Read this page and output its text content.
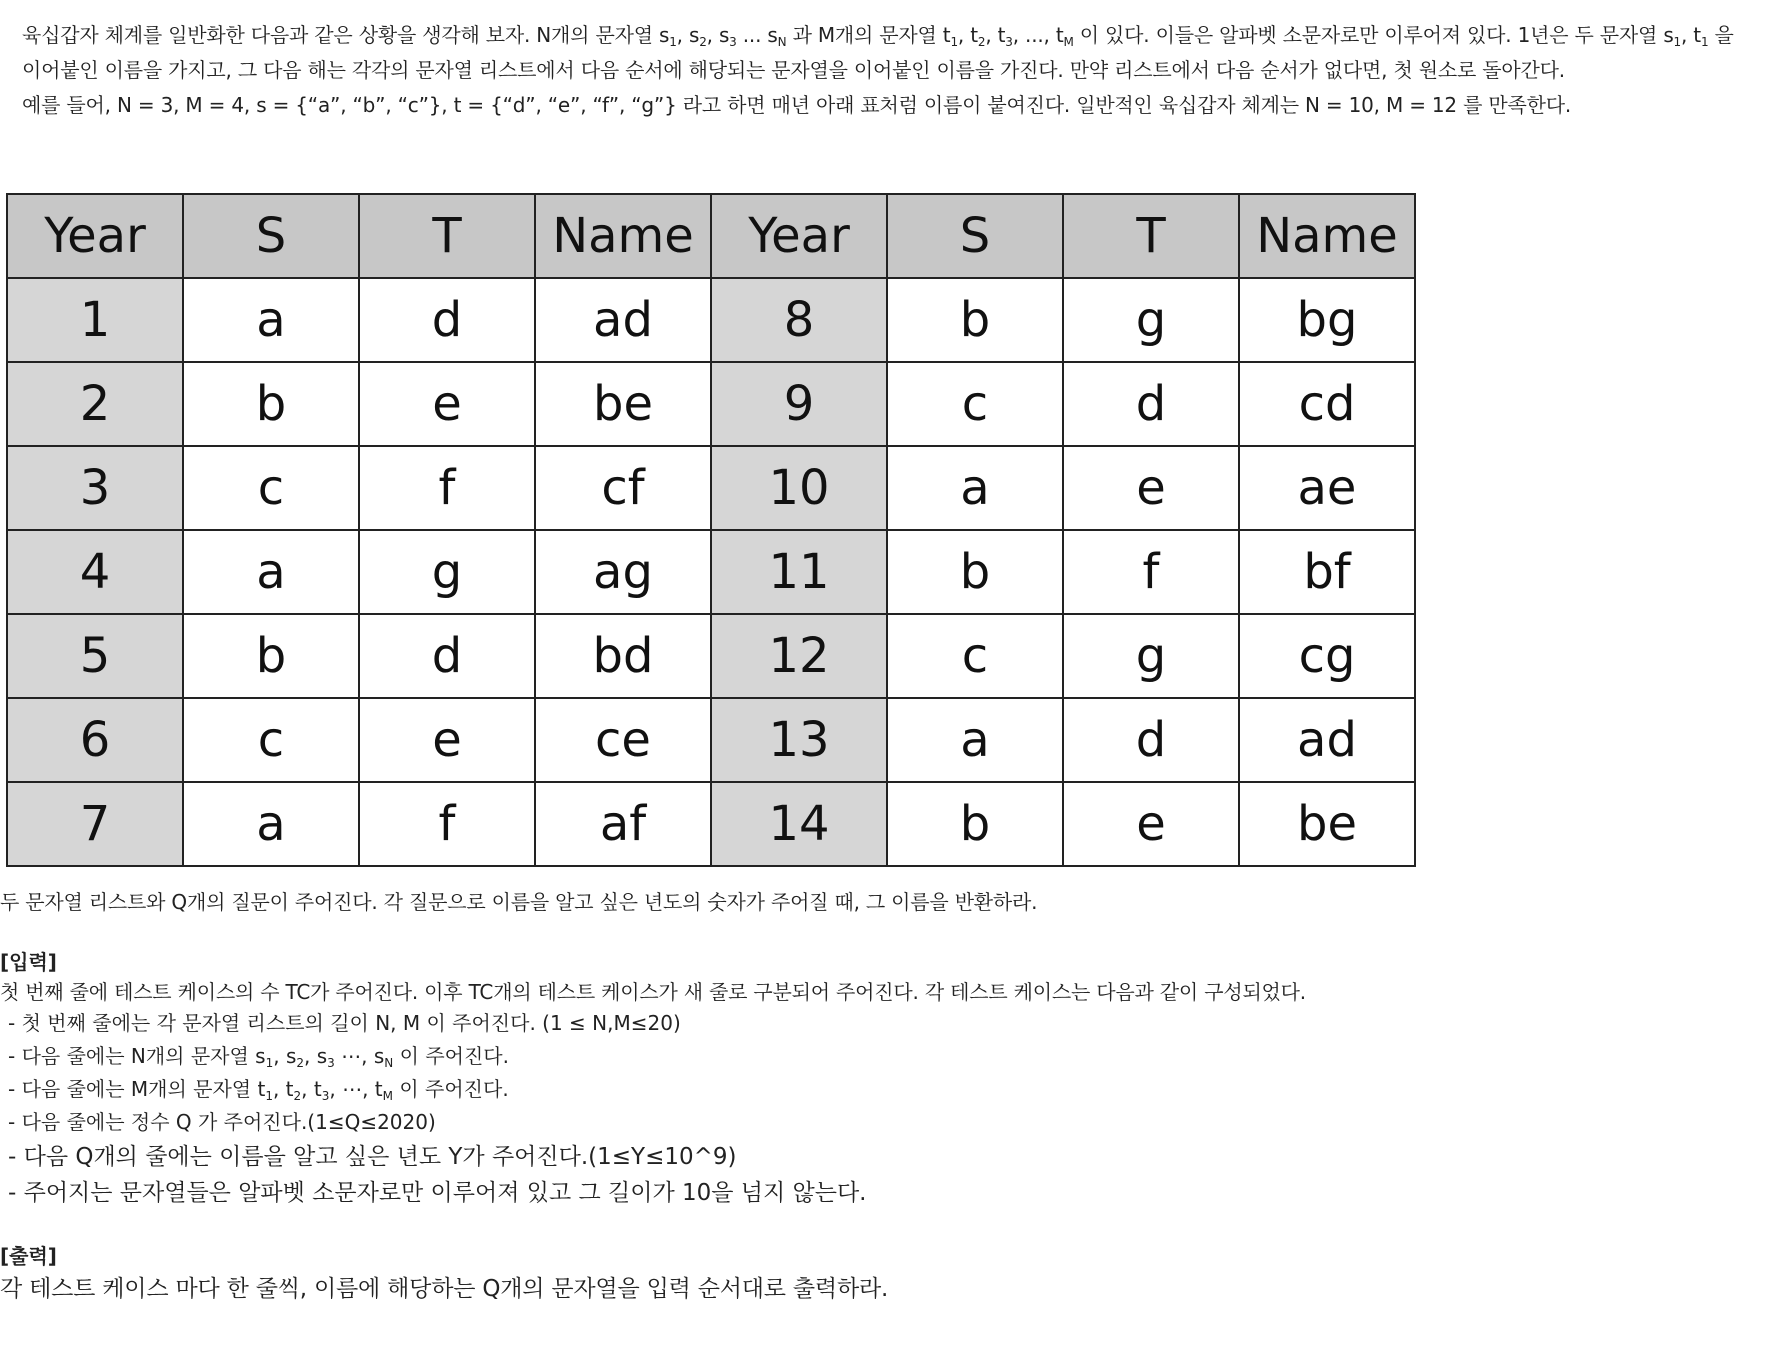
육십갑자 체계를 일반화한 다음과 같은 상황을 생각해 보자. N개의 문자열 $s_1$, $s_2$, $s_3$ ... $s_N$ 과 M개의 문자열 $t_1$, $t_2$, $t_3$, ..., $t_M$ 이 있다. 이들은 알파벳 소문자로만 이루어져 있다. 1년은 두 문자열 $s_1$, $t_1$ 을 이어붙인 이름을 가지고, 그 다음 해는 각각의 문자열 리스트에서 다음 순서에 해당되는 문자열을 이어붙인 이름을 가진다. 만약 리스트에서 다음 순서가 없다면, 첫 원소로 돌아간다.

예를 들어, N = 3, M = 4, s = {“a”, “b”, “c”}, t = {“d”, “e”, “f”, “g”} 라고 하면 매년 아래 표처럼 이름이 붙여진다. 일반적인 육십갑자 체계는 N = 10, M = 12 를 만족한다.

Year	S	T	Name	Year	S	T	Name
1	a	d	ad	8	b	g	bg
2	b	e	be	9	c	d	cd
3	c	f	cf	10	a	e	ae
4	a	g	ag	11	b	f	bf
5	b	d	bd	12	c	g	cg
6	c	e	ce	13	a	d	ad
7	a	f	af	14	b	e	be

두 문자열 리스트와 Q개의 질문이 주어진다. 각 질문으로 이름을 알고 싶은 년도의 숫자가 주어질 때, 그 이름을 반환하라.

[입력]

첫 번째 줄에 테스트 케이스의 수 TC가 주어진다. 이후 TC개의 테스트 케이스가 새 줄로 구분되어 주어진다. 각 테스트 케이스는 다음과 같이 구성되었다.

- 첫 번째 줄에는 각 문자열 리스트의 길이 N, M 이 주어진다. (1 ≤ N,M≤20)

- 다음 줄에는 N개의 문자열 $s_1$, $s_2$, $s_3$ ⋯, $s_N$ 이 주어진다.

- 다음 줄에는 M개의 문자열 $t_1$, $t_2$, $t_3$, ⋯, $t_M$ 이 주어진다.

- 다음 줄에는 정수 Q 가 주어진다.(1≤Q≤2020)

- 다음 Q개의 줄에는 이름을 알고 싶은 년도 Y가 주어진다.(1≤Y≤10^9)

- 주어지는 문자열들은 알파벳 소문자로만 이루어져 있고 그 길이가 10을 넘지 않는다.

[출력]

각 테스트 케이스 마다 한 줄씩, 이름에 해당하는 Q개의 문자열을 입력 순서대로 출력하라.
